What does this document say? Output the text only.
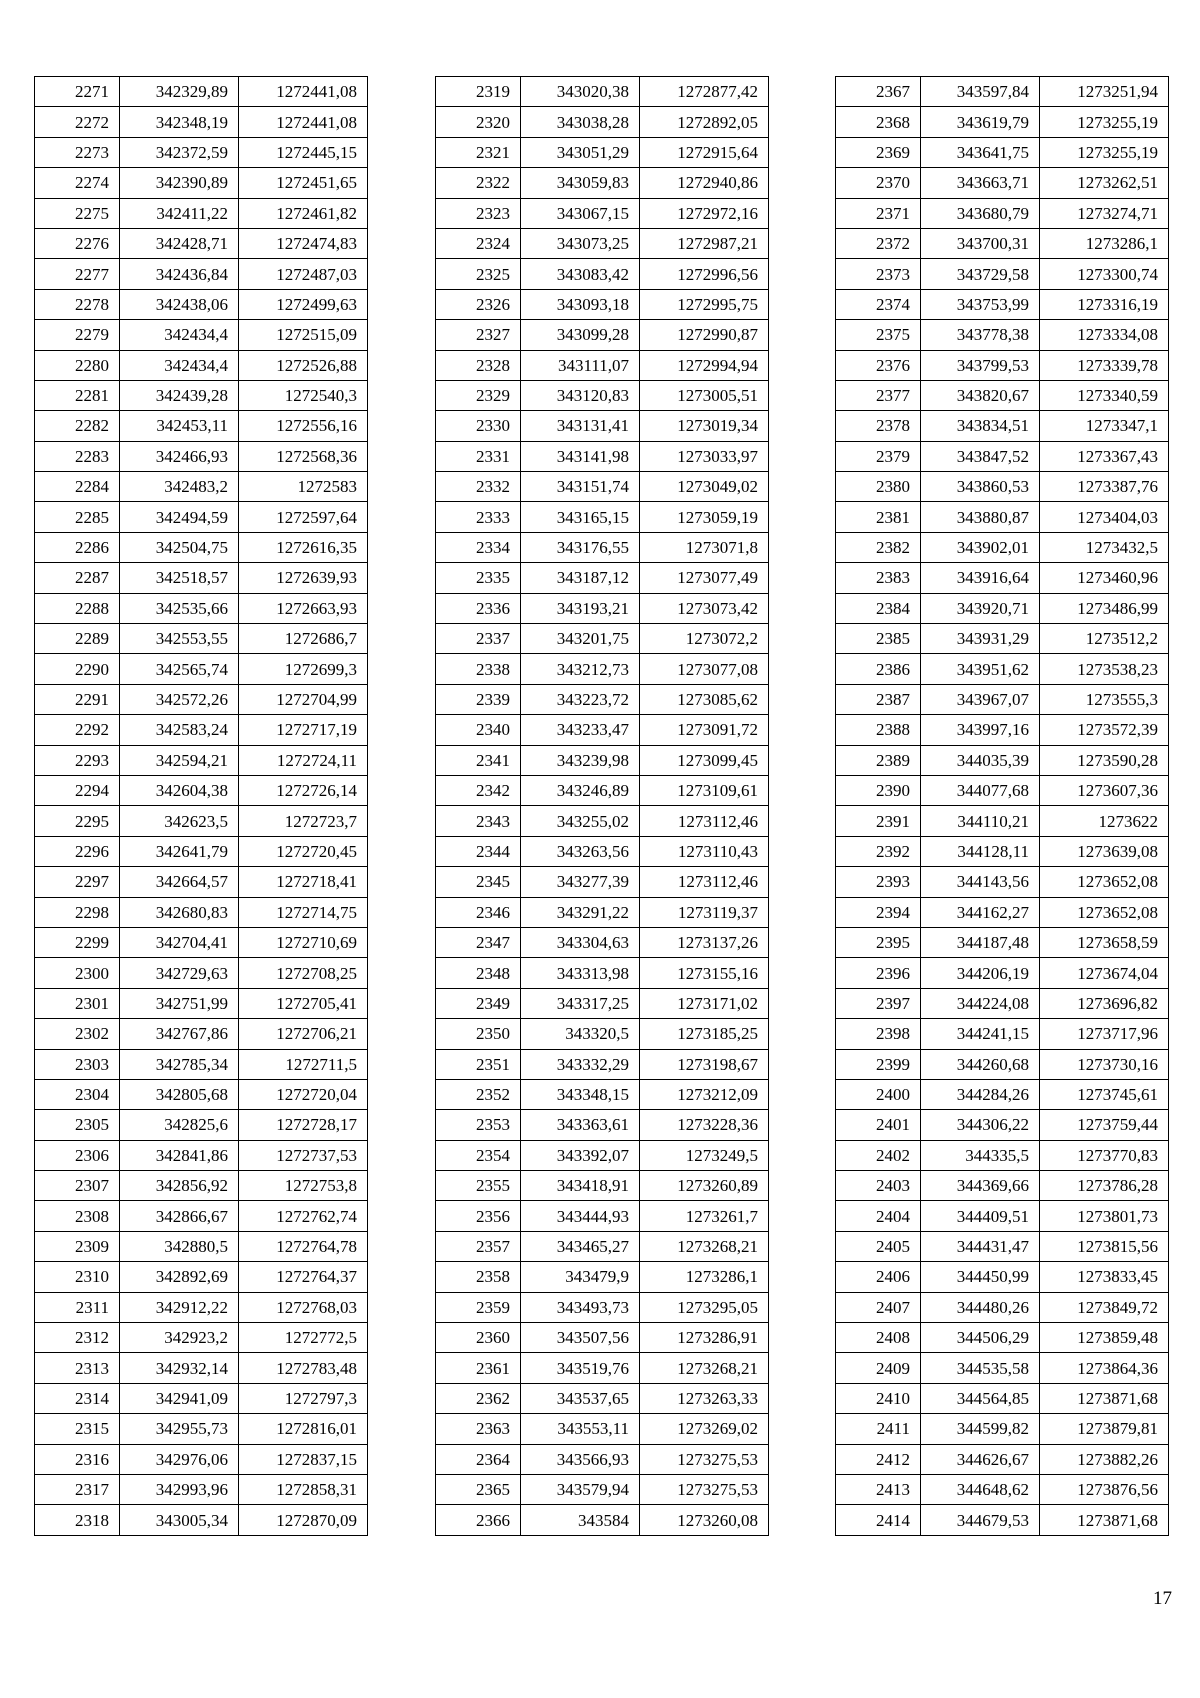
2271	342329,89	1272441,08
2272	342348,19	1272441,08
2273	342372,59	1272445,15
2274	342390,89	1272451,65
2275	342411,22	1272461,82
2276	342428,71	1272474,83
2277	342436,84	1272487,03
2278	342438,06	1272499,63
2279	342434,4	1272515,09
2280	342434,4	1272526,88
2281	342439,28	1272540,3
2282	342453,11	1272556,16
2283	342466,93	1272568,36
2284	342483,2	1272583
2285	342494,59	1272597,64
2286	342504,75	1272616,35
2287	342518,57	1272639,93
2288	342535,66	1272663,93
2289	342553,55	1272686,7
2290	342565,74	1272699,3
2291	342572,26	1272704,99
2292	342583,24	1272717,19
2293	342594,21	1272724,11
2294	342604,38	1272726,14
2295	342623,5	1272723,7
2296	342641,79	1272720,45
2297	342664,57	1272718,41
2298	342680,83	1272714,75
2299	342704,41	1272710,69
2300	342729,63	1272708,25
2301	342751,99	1272705,41
2302	342767,86	1272706,21
2303	342785,34	1272711,5
2304	342805,68	1272720,04
2305	342825,6	1272728,17
2306	342841,86	1272737,53
2307	342856,92	1272753,8
2308	342866,67	1272762,74
2309	342880,5	1272764,78
2310	342892,69	1272764,37
2311	342912,22	1272768,03
2312	342923,2	1272772,5
2313	342932,14	1272783,48
2314	342941,09	1272797,3
2315	342955,73	1272816,01
2316	342976,06	1272837,15
2317	342993,96	1272858,31
2318	343005,34	1272870,09
2319	343020,38	1272877,42
2320	343038,28	1272892,05
2321	343051,29	1272915,64
2322	343059,83	1272940,86
2323	343067,15	1272972,16
2324	343073,25	1272987,21
2325	343083,42	1272996,56
2326	343093,18	1272995,75
2327	343099,28	1272990,87
2328	343111,07	1272994,94
2329	343120,83	1273005,51
2330	343131,41	1273019,34
2331	343141,98	1273033,97
2332	343151,74	1273049,02
2333	343165,15	1273059,19
2334	343176,55	1273071,8
2335	343187,12	1273077,49
2336	343193,21	1273073,42
2337	343201,75	1273072,2
2338	343212,73	1273077,08
2339	343223,72	1273085,62
2340	343233,47	1273091,72
2341	343239,98	1273099,45
2342	343246,89	1273109,61
2343	343255,02	1273112,46
2344	343263,56	1273110,43
2345	343277,39	1273112,46
2346	343291,22	1273119,37
2347	343304,63	1273137,26
2348	343313,98	1273155,16
2349	343317,25	1273171,02
2350	343320,5	1273185,25
2351	343332,29	1273198,67
2352	343348,15	1273212,09
2353	343363,61	1273228,36
2354	343392,07	1273249,5
2355	343418,91	1273260,89
2356	343444,93	1273261,7
2357	343465,27	1273268,21
2358	343479,9	1273286,1
2359	343493,73	1273295,05
2360	343507,56	1273286,91
2361	343519,76	1273268,21
2362	343537,65	1273263,33
2363	343553,11	1273269,02
2364	343566,93	1273275,53
2365	343579,94	1273275,53
2366	343584	1273260,08
2367	343597,84	1273251,94
2368	343619,79	1273255,19
2369	343641,75	1273255,19
2370	343663,71	1273262,51
2371	343680,79	1273274,71
2372	343700,31	1273286,1
2373	343729,58	1273300,74
2374	343753,99	1273316,19
2375	343778,38	1273334,08
2376	343799,53	1273339,78
2377	343820,67	1273340,59
2378	343834,51	1273347,1
2379	343847,52	1273367,43
2380	343860,53	1273387,76
2381	343880,87	1273404,03
2382	343902,01	1273432,5
2383	343916,64	1273460,96
2384	343920,71	1273486,99
2385	343931,29	1273512,2
2386	343951,62	1273538,23
2387	343967,07	1273555,3
2388	343997,16	1273572,39
2389	344035,39	1273590,28
2390	344077,68	1273607,36
2391	344110,21	1273622
2392	344128,11	1273639,08
2393	344143,56	1273652,08
2394	344162,27	1273652,08
2395	344187,48	1273658,59
2396	344206,19	1273674,04
2397	344224,08	1273696,82
2398	344241,15	1273717,96
2399	344260,68	1273730,16
2400	344284,26	1273745,61
2401	344306,22	1273759,44
2402	344335,5	1273770,83
2403	344369,66	1273786,28
2404	344409,51	1273801,73
2405	344431,47	1273815,56
2406	344450,99	1273833,45
2407	344480,26	1273849,72
2408	344506,29	1273859,48
2409	344535,58	1273864,36
2410	344564,85	1273871,68
2411	344599,82	1273879,81
2412	344626,67	1273882,26
2413	344648,62	1273876,56
2414	344679,53	1273871,68
17
